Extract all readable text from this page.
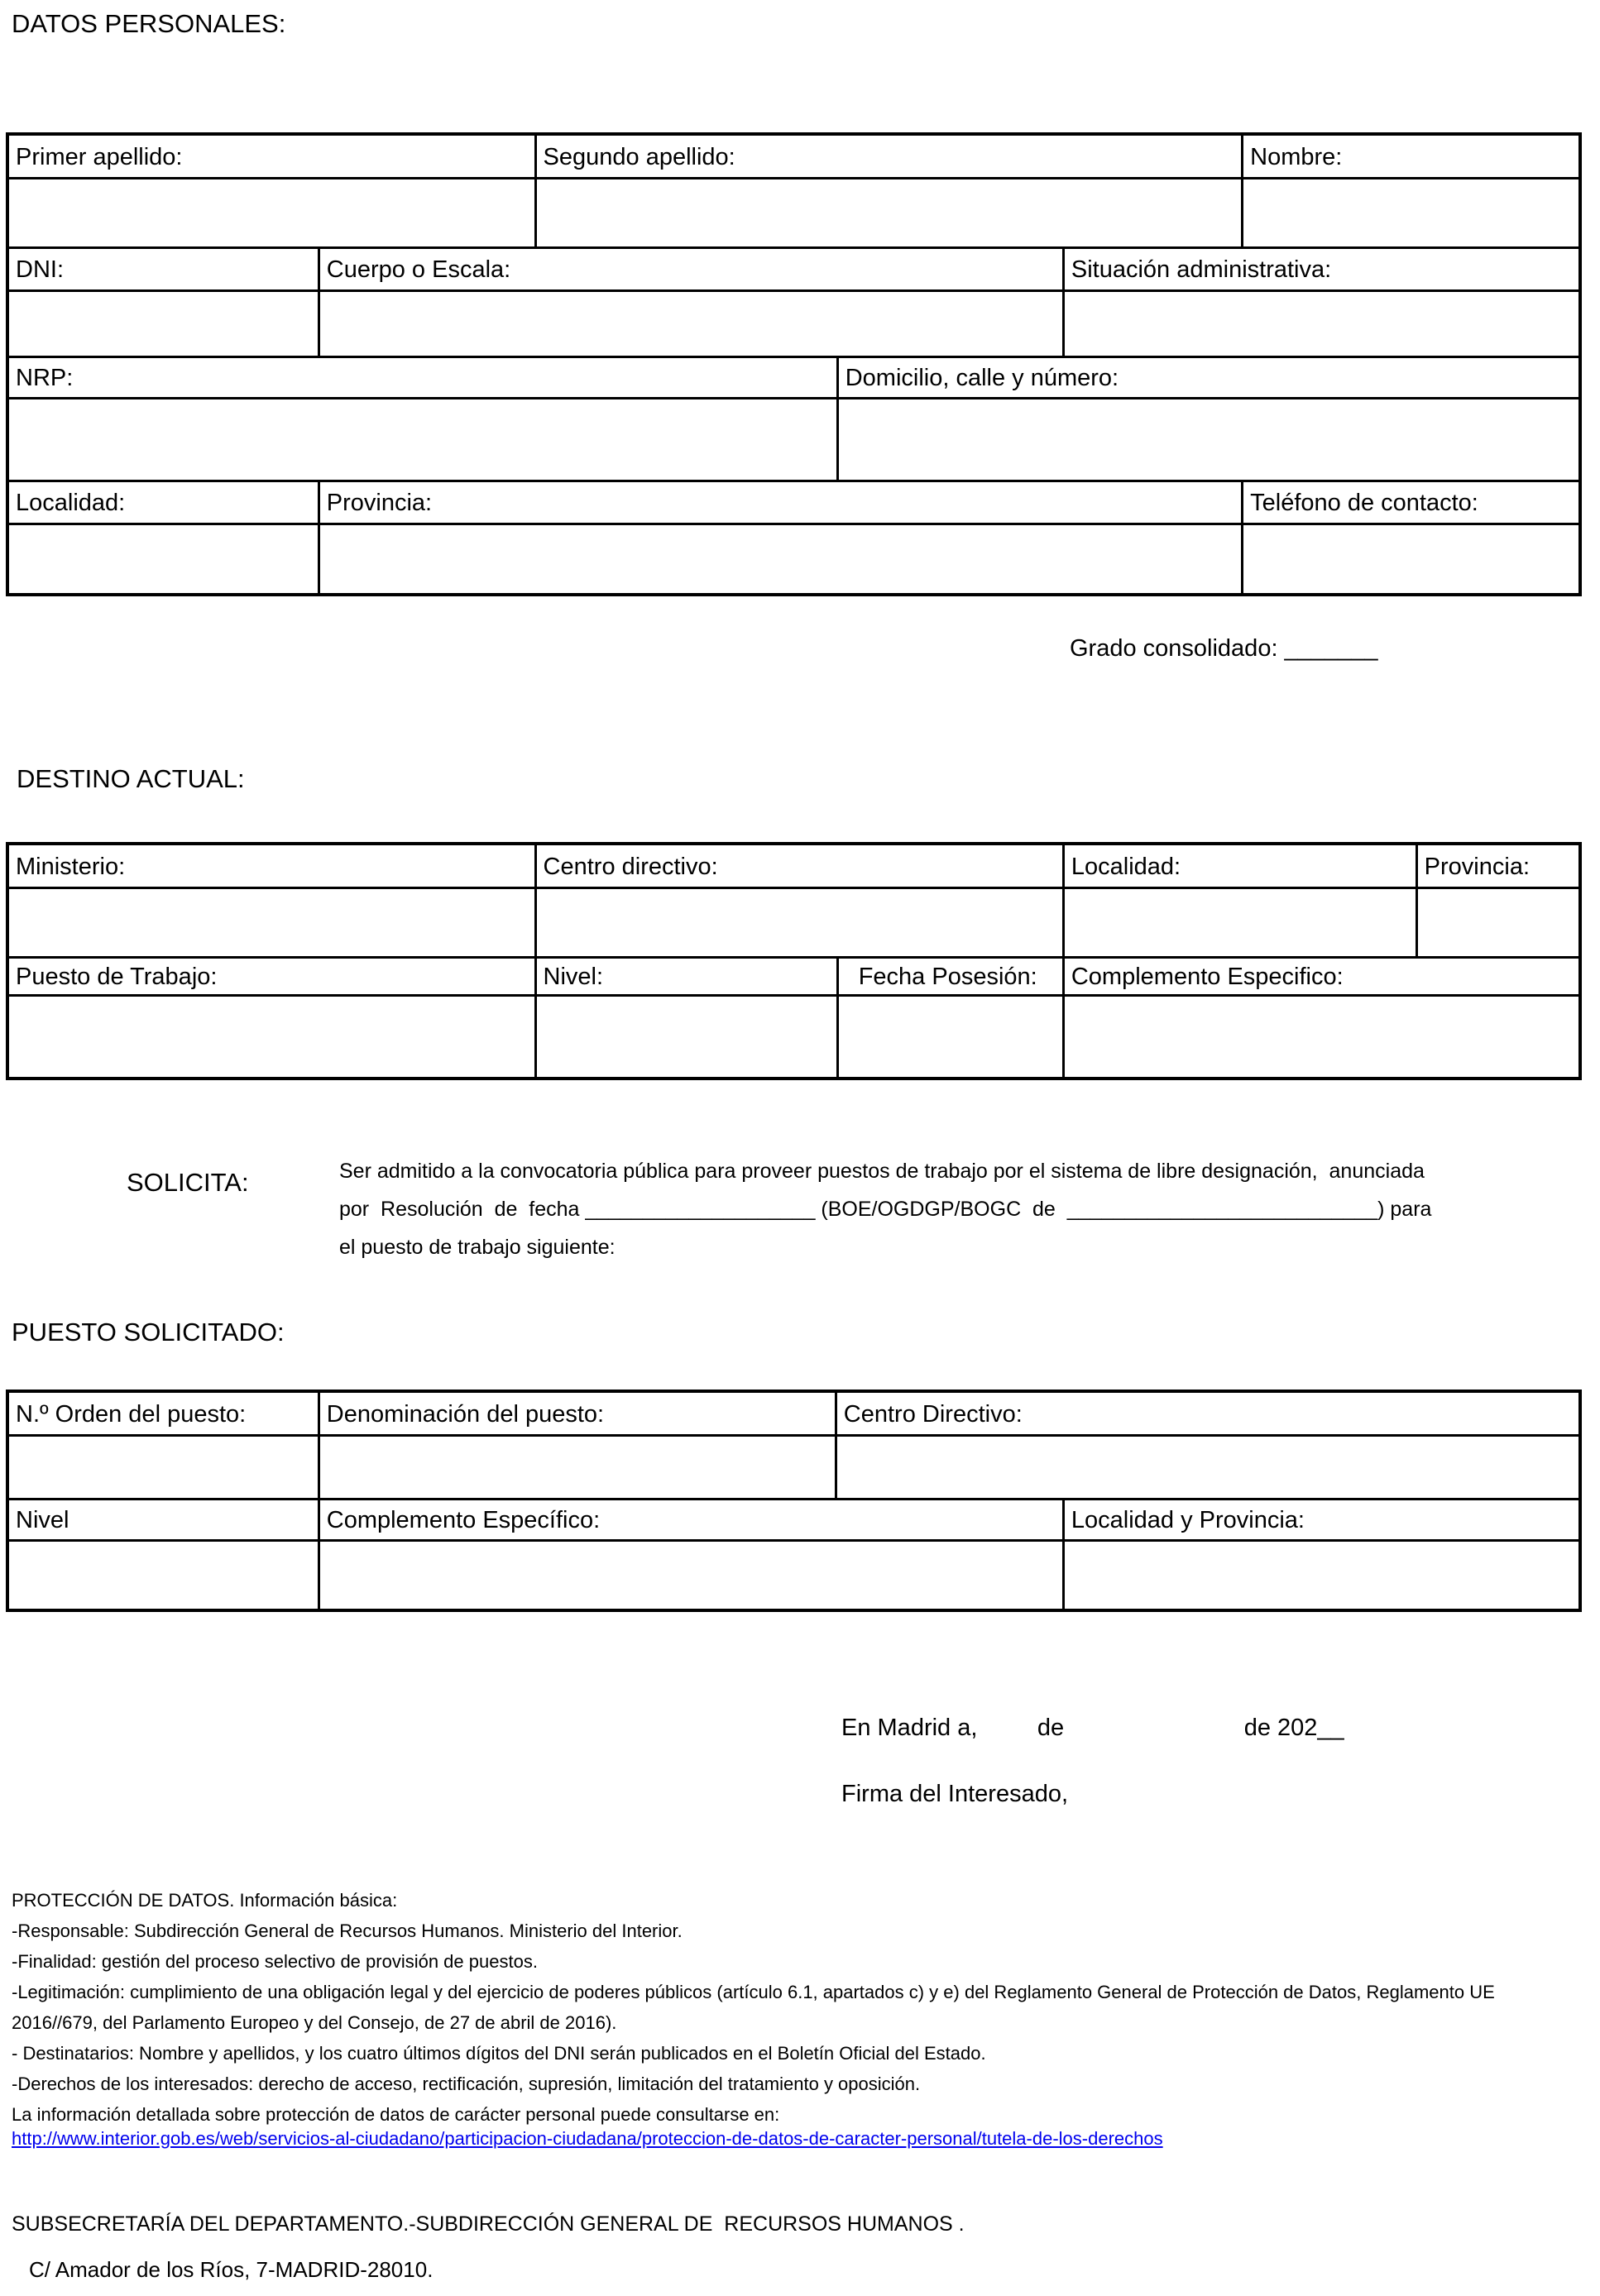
DATOS PERSONALES:
Primer apellido:	Segundo apellido:	Nombre:
DNI:	Cuerpo o Escala:	Situación administrativa:
NRP:	Domicilio, calle y número:
Localidad:	Provincia:	Teléfono de contacto:
Grado consolidado: _______
DESTINO ACTUAL:
Ministerio:	Centro directivo:	Localidad:	Provincia:
Puesto de Trabajo:	Nivel:	Fecha Posesión:	Complemento Especifico:
SOLICITA:	Ser admitido a la convocatoria pública para proveer puestos de trabajo por el sistema de libre designación,  anunciada
por  Resolución  de  fecha ____________________ (BOE/OGDGP/BOGC  de  ___________________________) para
el puesto de trabajo siguiente:
PUESTO SOLICITADO:
N.º Orden del puesto:	Denominación del puesto:	Centro Directivo:
Nivel	Complemento Específico:	Localidad y Provincia:
En Madrid a,         de                           de 202__
Firma del Interesado,
PROTECCIÓN DE DATOS. Información básica:
-Responsable: Subdirección General de Recursos Humanos. Ministerio del Interior.
-Finalidad: gestión del proceso selectivo de provisión de puestos.
-Legitimación: cumplimiento de una obligación legal y del ejercicio de poderes públicos (artículo 6.1, apartados c) y e) del Reglamento General de Protección de Datos, Reglamento UE
2016//679, del Parlamento Europeo y del Consejo, de 27 de abril de 2016).
- Destinatarios: Nombre y apellidos, y los cuatro últimos dígitos del DNI serán publicados en el Boletín Oficial del Estado.
-Derechos de los interesados: derecho de acceso, rectificación, supresión, limitación del tratamiento y oposición.
La información detallada sobre protección de datos de carácter personal puede consultarse en:
http://www.interior.gob.es/web/servicios-al-ciudadano/participacion-ciudadana/proteccion-de-datos-de-caracter-personal/tutela-de-los-derechos
SUBSECRETARÍA DEL DEPARTAMENTO.-SUBDIRECCIÓN GENERAL DE  RECURSOS HUMANOS .
C/ Amador de los Ríos, 7-MADRID-28010.
